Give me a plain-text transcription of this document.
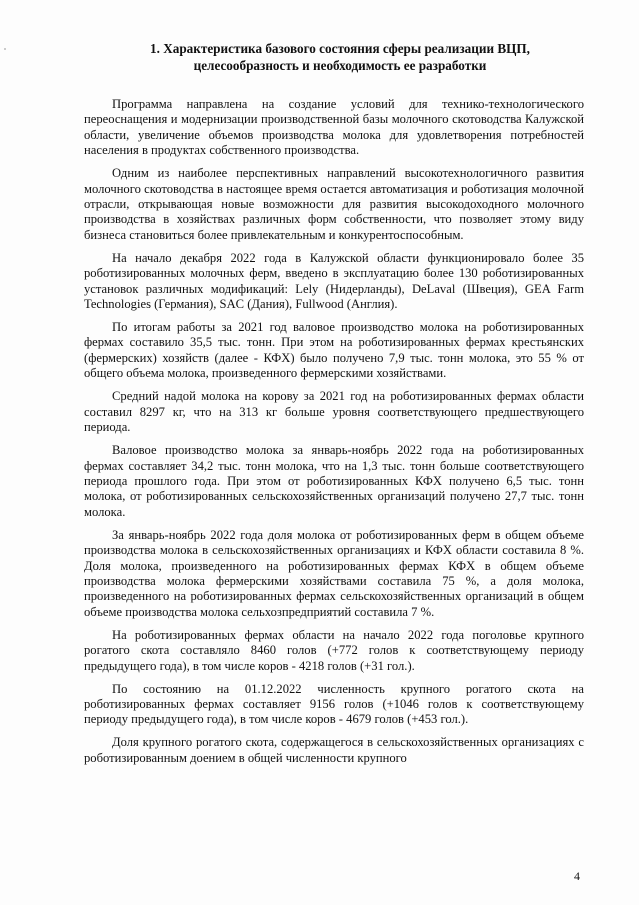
1. Характеристика базового состояния сферы реализации ВЦП,
целесообразность и необходимость ее разработки

Программа направлена на создание условий для технико-технологического переоснащения и модернизации производственной базы молочного скотоводства Калужской области, увеличение объемов производства молока для удовлетворения потребностей населения в продуктах собственного производства.

Одним из наиболее перспективных направлений высокотехнологичного развития молочного скотоводства в настоящее время остается автоматизация и роботизация молочной отрасли, открывающая новые возможности для развития высокодоходного молочного производства в хозяйствах различных форм собственности, что позволяет этому виду бизнеса становиться более привлекательным и конкурентоспособным.

На начало декабря 2022 года в Калужской области функционировало более 35 роботизированных молочных ферм, введено в эксплуатацию более 130 роботизированных установок различных модификаций: Lely (Нидерланды), DeLaval (Швеция), GEA Farm Technologies (Германия), SAC (Дания), Fullwood (Англия).

По итогам работы за 2021 год валовое производство молока на роботизированных фермах составило 35,5 тыс. тонн. При этом на роботизированных фермах крестьянских (фермерских) хозяйств (далее - КФХ) было получено 7,9 тыс. тонн молока, это 55 % от общего объема молока, произведенного фермерскими хозяйствами.

Средний надой молока на корову за 2021 год на роботизированных фермах области составил 8297 кг, что на 313 кг больше уровня соответствующего предшествующего периода.

Валовое производство молока за январь-ноябрь 2022 года на роботизированных фермах составляет 34,2 тыс. тонн молока, что на 1,3 тыс. тонн больше соответствующего периода прошлого года. При этом от роботизированных КФХ получено 6,5 тыс. тонн молока, от роботизированных сельскохозяйственных организаций получено 27,7 тыс. тонн молока.

За январь-ноябрь 2022 года доля молока от роботизированных ферм в общем объеме производства молока в сельскохозяйственных организациях и КФХ области составила 8 %. Доля молока, произведенного на роботизированных фермах КФХ в общем объеме производства молока фермерскими хозяйствами составила 75 %, а доля молока, произведенного на роботизированных фермах сельскохозяйственных организаций в общем объеме производства молока сельхозпредприятий составила 7 %.

На роботизированных фермах области на начало 2022 года поголовье крупного рогатого скота составляло 8460 голов (+772 голов к соответствующему периоду предыдущего года), в том числе коров - 4218 голов (+31 гол.).

По состоянию на 01.12.2022 численность крупного рогатого скота на роботизированных фермах составляет 9156 голов (+1046 голов к соответствующему периоду предыдущего года), в том числе коров - 4679 голов (+453 гол.).

Доля крупного рогатого скота, содержащегося в сельскохозяйственных организациях с роботизированным доением в общей численности крупного

4
